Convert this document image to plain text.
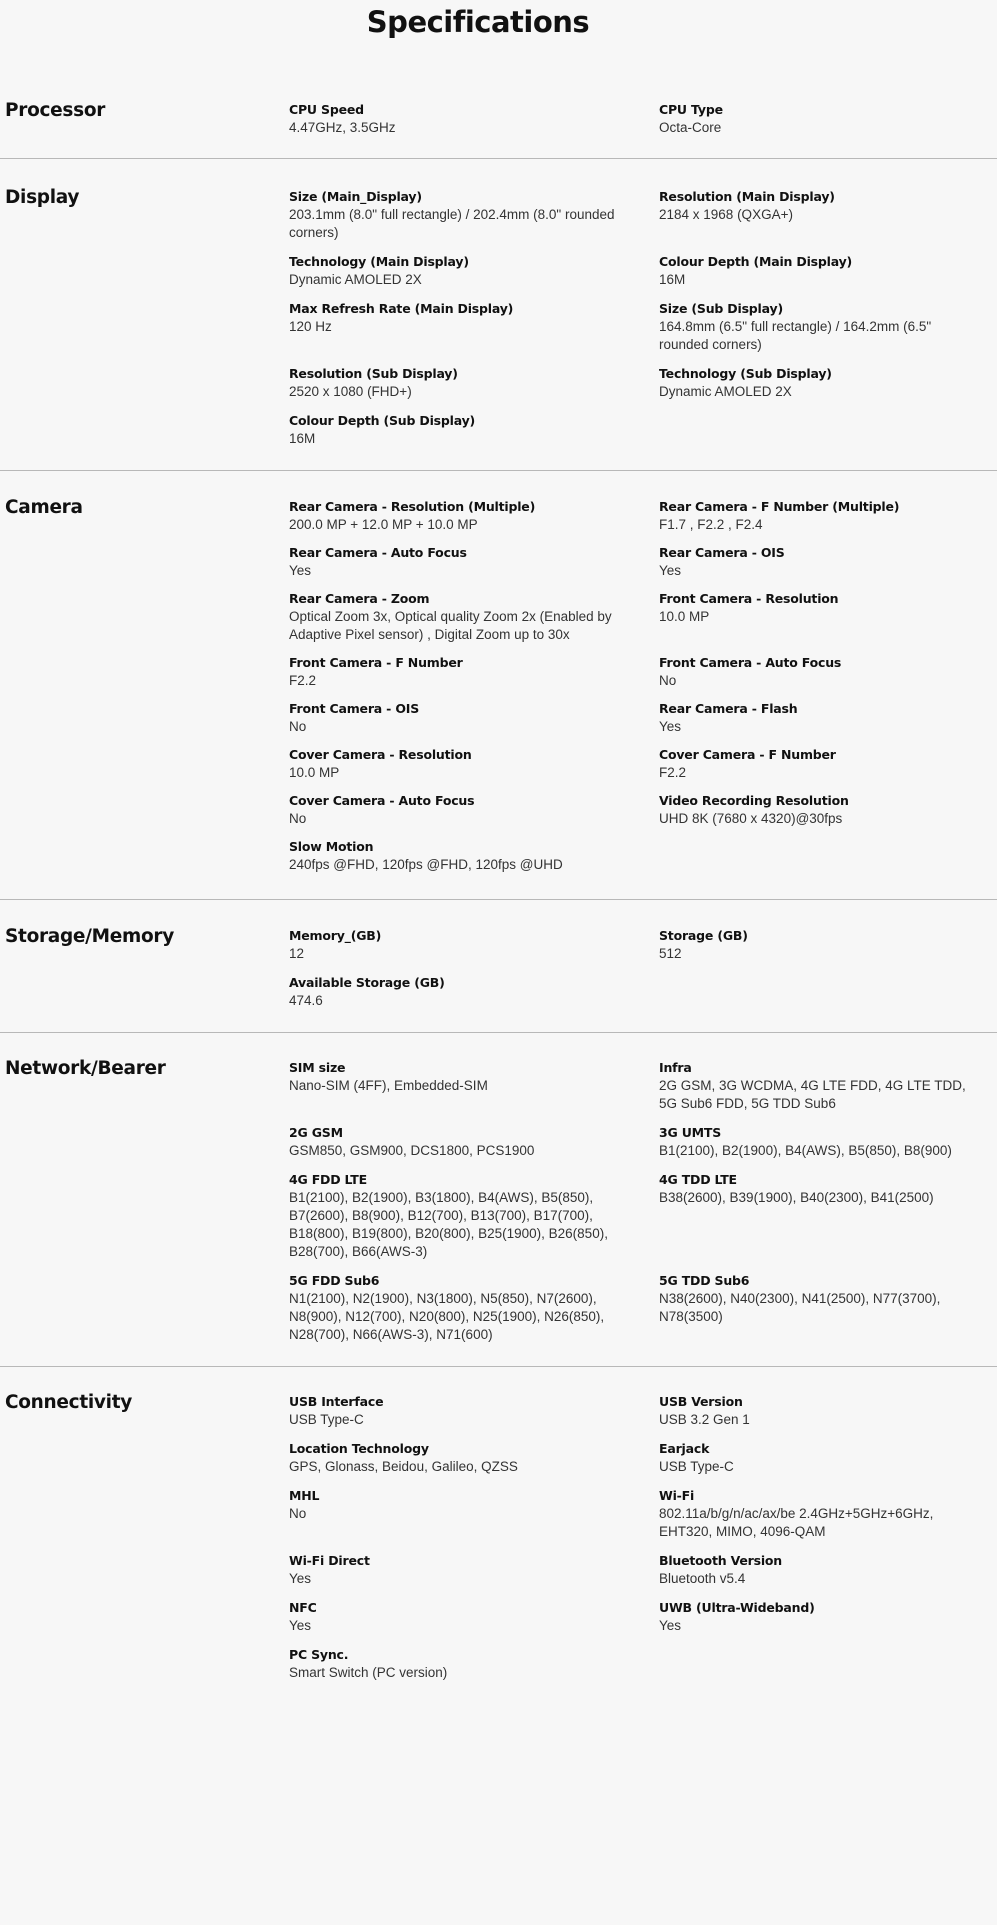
Specifications
Processor	CPU Speed
4.47GHz, 3.5GHz
CPU Type
Octa-Core
Display	Size (Main_Display)
203.1mm (8.0" full rectangle) / 202.4mm (8.0" rounded corners)
Resolution (Main Display)
2184 x 1968 (QXGA+)
Technology (Main Display)
Dynamic AMOLED 2X
Colour Depth (Main Display)
16M
Max Refresh Rate (Main Display)
120 Hz
Size (Sub Display)
164.8mm (6.5" full rectangle) / 164.2mm (6.5" rounded corners)
Resolution (Sub Display)
2520 x 1080 (FHD+)
Technology (Sub Display)
Dynamic AMOLED 2X
Colour Depth (Sub Display)
16M
Camera	Rear Camera - Resolution (Multiple)
200.0 MP + 12.0 MP + 10.0 MP
Rear Camera - F Number (Multiple)
F1.7 , F2.2 , F2.4
Rear Camera - Auto Focus
Yes
Rear Camera - OIS
Yes
Rear Camera - Zoom
Optical Zoom 3x, Optical quality Zoom 2x (Enabled by Adaptive Pixel sensor) , Digital Zoom up to 30x
Front Camera - Resolution
10.0 MP
Front Camera - F Number
F2.2
Front Camera - Auto Focus
No
Front Camera - OIS
No
Rear Camera - Flash
Yes
Cover Camera - Resolution
10.0 MP
Cover Camera - F Number
F2.2
Cover Camera - Auto Focus
No
Video Recording Resolution
UHD 8K (7680 x 4320)@30fps
Slow Motion
240fps @FHD, 120fps @FHD, 120fps @UHD
Storage/Memory	Memory_(GB)
12
Storage (GB)
512
Available Storage (GB)
474.6
Network/Bearer	SIM size
Nano-SIM (4FF), Embedded-SIM
Infra
2G GSM, 3G WCDMA, 4G LTE FDD, 4G LTE TDD, 5G Sub6 FDD, 5G TDD Sub6
2G GSM
GSM850, GSM900, DCS1800, PCS1900
3G UMTS
B1(2100), B2(1900), B4(AWS), B5(850), B8(900)
4G FDD LTE
B1(2100), B2(1900), B3(1800), B4(AWS), B5(850), B7(2600), B8(900), B12(700), B13(700), B17(700), B18(800), B19(800), B20(800), B25(1900), B26(850), B28(700), B66(AWS-3)
4G TDD LTE
B38(2600), B39(1900), B40(2300), B41(2500)
5G FDD Sub6
N1(2100), N2(1900), N3(1800), N5(850), N7(2600), N8(900), N12(700), N20(800), N25(1900), N26(850), N28(700), N66(AWS-3), N71(600)
5G TDD Sub6
N38(2600), N40(2300), N41(2500), N77(3700), N78(3500)
Connectivity	USB Interface
USB Type-C
USB Version
USB 3.2 Gen 1
Location Technology
GPS, Glonass, Beidou, Galileo, QZSS
Earjack
USB Type-C
MHL
No
Wi-Fi
802.11a/b/g/n/ac/ax/be 2.4GHz+5GHz+6GHz, EHT320, MIMO, 4096-QAM
Wi-Fi Direct
Yes
Bluetooth Version
Bluetooth v5.4
NFC
Yes
UWB (Ultra-Wideband)
Yes
PC Sync.
Smart Switch (PC version)
